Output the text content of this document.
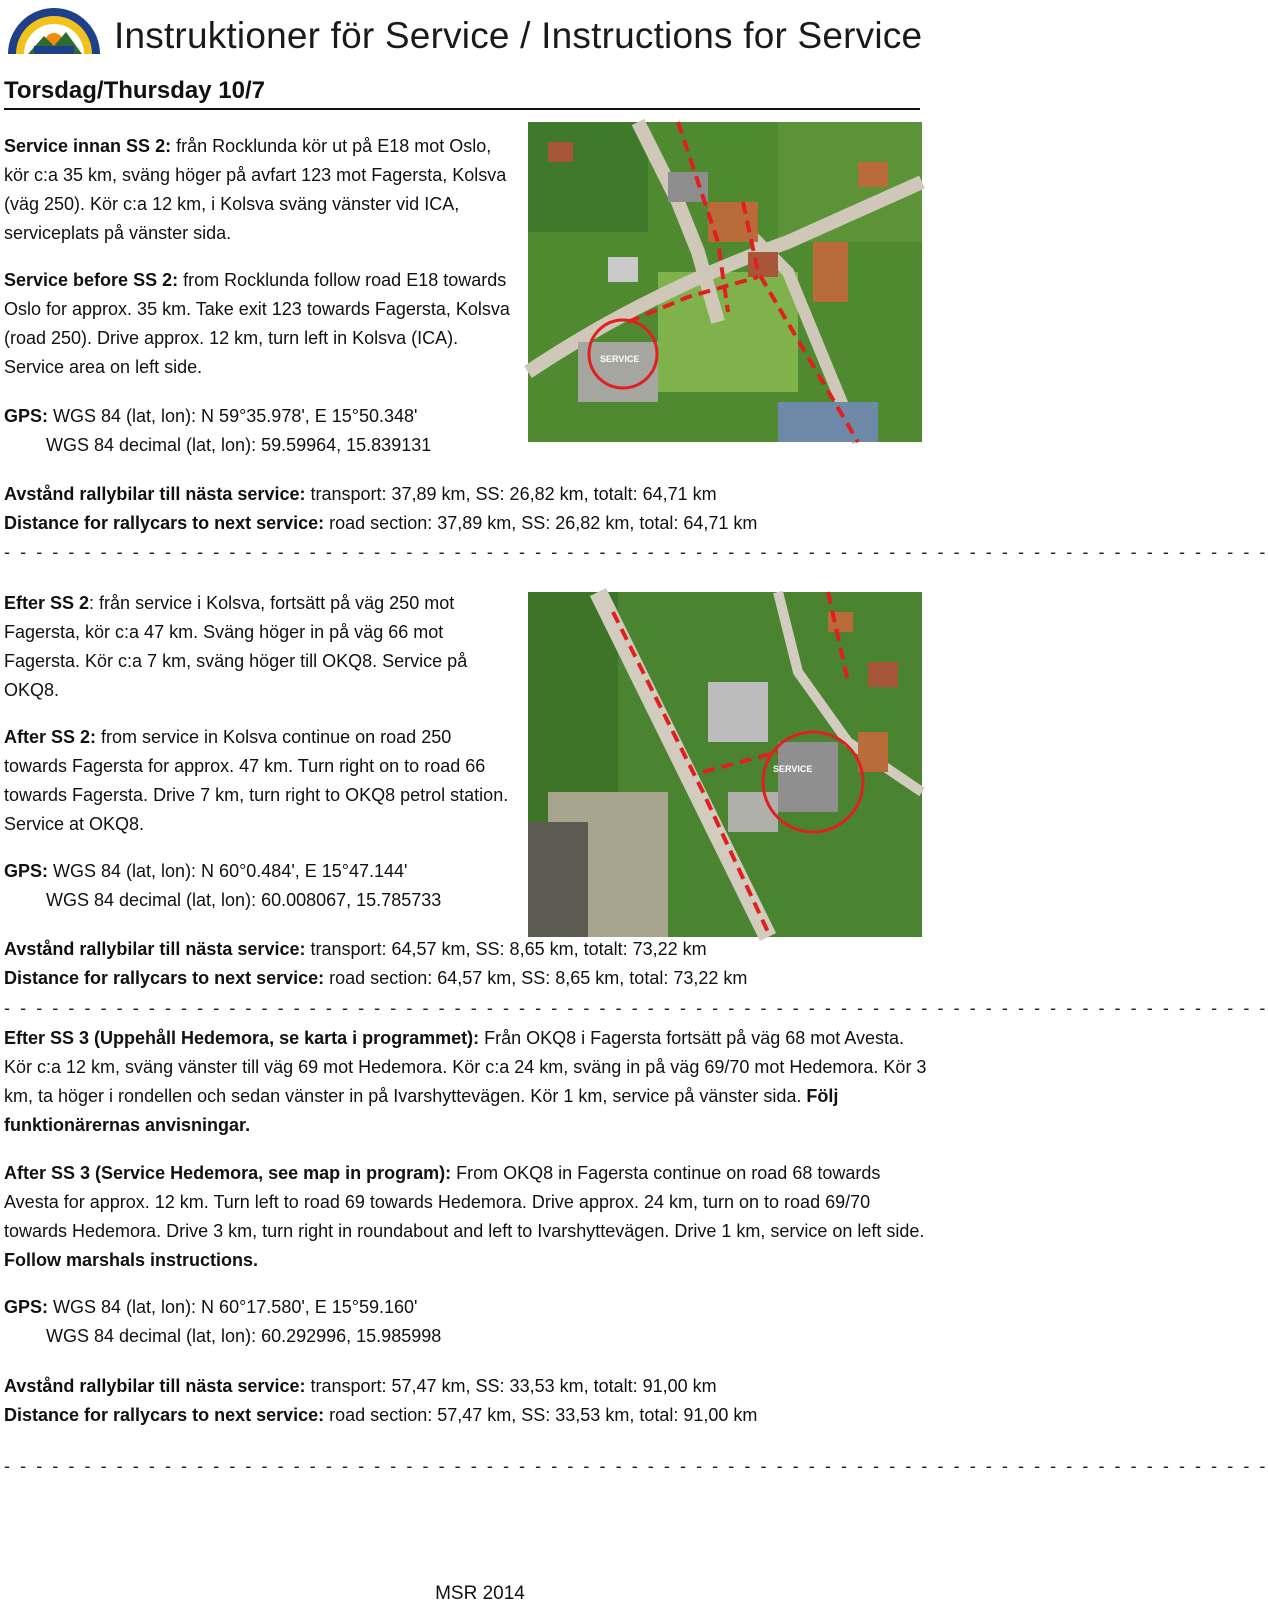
Instruktioner för Service / Instructions for Service
Torsdag/Thursday 10/7

Service innan SS 2: från Rocklunda kör ut på E18 mot Oslo, kör c:a 35 km, sväng höger på avfart 123 mot Fagersta, Kolsva (väg 250). Kör c:a 12 km, i Kolsva sväng vänster vid ICA, serviceplats på vänster sida.

Service before SS 2: from Rocklunda follow road E18 towards Oslo for approx. 35 km. Take exit 123 towards Fagersta, Kolsva (road 250). Drive approx. 12 km, turn left in Kolsva (ICA). Service area on left side.

GPS: WGS 84 (lat, lon): N 59°35.978', E 15°50.348'
WGS 84 decimal (lat, lon): 59.59964, 15.839131

SERVICE

Avstånd rallybilar till nästa service: transport: 37,89 km, SS: 26,82 km, totalt: 64,71 km
Distance for rallycars to next service: road section: 37,89 km, SS: 26,82 km, total: 64,71 km

- - - - - - - - - - - - - - - - - - - - - - - - - - - - - - - - - - - - - - - - - - - - - - - - - - - - - - - - - - - - - - - - - - - - - - - - - - - - - - -

Efter SS 2: från service i Kolsva, fortsätt på väg 250 mot Fagersta, kör c:a 47 km. Sväng höger in på väg 66 mot Fagersta. Kör c:a 7 km, sväng höger till OKQ8. Service på OKQ8.

After SS 2: from service in Kolsva continue on road 250 towards Fagersta for approx. 47 km. Turn right on to road 66 towards Fagersta. Drive 7 km, turn right to OKQ8 petrol station. Service at OKQ8.

GPS: WGS 84 (lat, lon): N 60°0.484', E 15°47.144'
WGS 84 decimal (lat, lon): 60.008067, 15.785733

SERVICE

Avstånd rallybilar till nästa service: transport: 64,57 km, SS: 8,65 km, totalt: 73,22 km
Distance for rallycars to next service: road section: 64,57 km, SS: 8,65 km, total: 73,22 km

- - - - - - - - - - - - - - - - - - - - - - - - - - - - - - - - - - - - - - - - - - - - - - - - - - - - - - - - - - - - - - - - - - - - - - - - - - - - - - -

Efter SS 3 (Uppehåll Hedemora, se karta i programmet): Från OKQ8 i Fagersta fortsätt på väg 68 mot Avesta. Kör c:a 12 km, sväng vänster till väg 69 mot Hedemora. Kör c:a 24 km, sväng in på väg 69/70 mot Hedemora. Kör 3 km, ta höger i rondellen och sedan vänster in på Ivarshyttevägen. Kör 1 km, service på vänster sida. Följ funktionärernas anvisningar.

After SS 3 (Service Hedemora, see map in program): From OKQ8 in Fagersta continue on road 68 towards Avesta for approx. 12 km. Turn left to road 69 towards Hedemora. Drive approx. 24 km, turn on to road 69/70 towards Hedemora. Drive 3 km, turn right in roundabout and left to Ivarshyttevägen. Drive 1 km, service on left side. Follow marshals instructions.

GPS: WGS 84 (lat, lon): N 60°17.580', E 15°59.160'
WGS 84 decimal (lat, lon): 60.292996, 15.985998

Avstånd rallybilar till nästa service: transport: 57,47 km, SS: 33,53 km, totalt: 91,00 km
Distance for rallycars to next service: road section: 57,47 km, SS: 33,53 km, total: 91,00 km

- - - - - - - - - - - - - - - - - - - - - - - - - - - - - - - - - - - - - - - - - - - - - - - - - - - - - - - - - - - - - - - - - - - - - - - - - - - - - - -
MSR 2014
